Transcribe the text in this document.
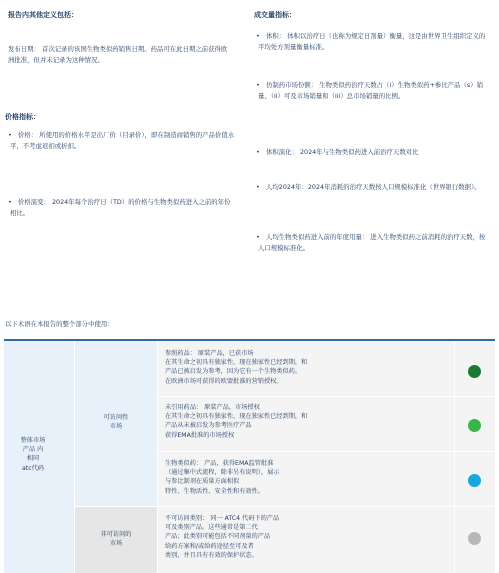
报告内其他定义包括：
发布日期： 首次记录的该国生物类似药销售日期。药品可在此日期之前获得欧洲批准，但并未记录为这种情况。
价格指标：
• 价格： 所使用的价格水平是出厂价（目录价），即在制造商销售的产品价值水平，不考虑返扣或折扣。
• 价格演变： 2024年每个治疗日（TD）的价格与生物类似药进入之前的年份相比。
成交量指标：
• 体积： 体积以治疗日（也称为规定日剂量）衡量，这是由世界卫生组织定义的平均处方剂量衡量标准。
• 仿制药市场份额： 生物类似药治疗天数占（i）生物类似药+参比产品（s）销量、（ii）可及市场销量和（iii）总市场销量的比例。
• 体积演化： 2024年与生物类似药进入前治疗天数对比
• 人均2024年：2024年消耗的治疗天数按人口规模标准化（世界银行数据）。
• 人均生物类似药进入前的年度用量： 进入生物类似药之前消耗的治疗天数，按人口规模标准化。
以下术语在本报告的整个部分中使用：
整体市场
产品 内
相同
atc代码
可访问性
市场
非可访问的
市场
参照药品： 原装产品，已获市场
在其生命之初具有独家性，现在独家性已经到期，和
产品已被启发为参考，因为它有一个生物类似药。
在欧洲市场可获得的欧盟批准的营销授权。
未引用药品： 原装产品，市场授权
在其生命之初具有独家性，现在独家性已经到期，和
产品从未被启发为参考医疗产品
获得EMA批准的市场授权
生物类似药： 产品，获得EMA监管批准
（通过集中式流程，除非另有说明），展示
与参比制剂在质量方面相似
特性、生物活性、安全性和有效性。
不可访问类别： 同一 ATC4 代码下的产品
可及类别产品。这些通常是第二代
产品；此类别可能包括不同剂量的产品
给药方案和/或给药途径至可及者
类别，并且具有有效的保护状态。
